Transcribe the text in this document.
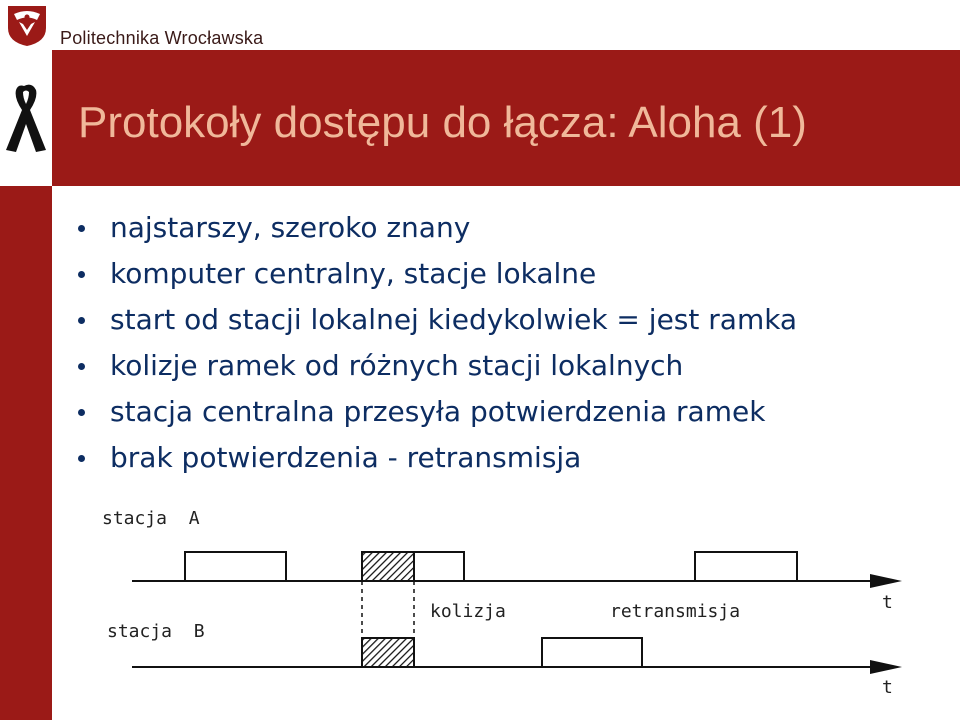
Politechnika Wrocławska
Protokoły dostępu do łącza: Aloha (1)
najstarszy, szeroko znany
komputer centralny, stacje lokalne
start od stacji lokalnej kiedykolwiek = jest ramka
kolizje ramek od różnych stacji lokalnych
stacja centralna przesyła potwierdzenia ramek
brak potwierdzenia - retransmisja
stacja  A
stacja  B
t
kolizja	retransmisja
t
